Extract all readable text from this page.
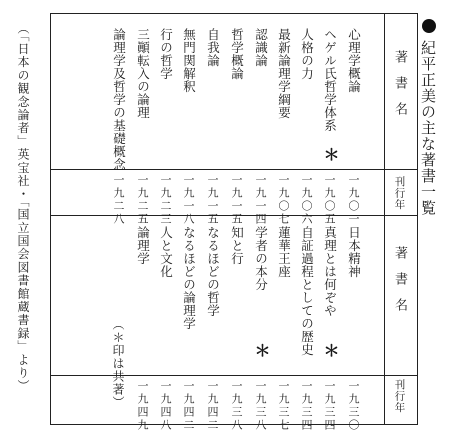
紀平正美の主な著書一覧
（「日本の観念論者」英宝社・「国立国会図書館蔵書録」より）	著書名
刊行年
著書名
刊行年
心理学概論
一九〇一
ヘゲル氏哲学体系
一九〇五
＊
人格の力
一九〇六
最新論理学綱要
一九〇七
認識論
一九一四
哲学概論
一九一五
自我論
一九一五
無門関解釈
一九一八
行の哲学
一九二三
三顚転入の論理
一九二五
論理学及哲学の基礎概念
一九二八
日本精神
一九三〇
真理とは何ぞや
一九三四
＊
自証過程としての歴史
一九三四
蓮華王座
一九三七
学者の本分
一九三八
＊
知と行
一九三八
なるほどの哲学
一九四二
なるほどの論理学
一九四二
人と文化
一九四八
論理学
一九四九
（＊印は共著）
